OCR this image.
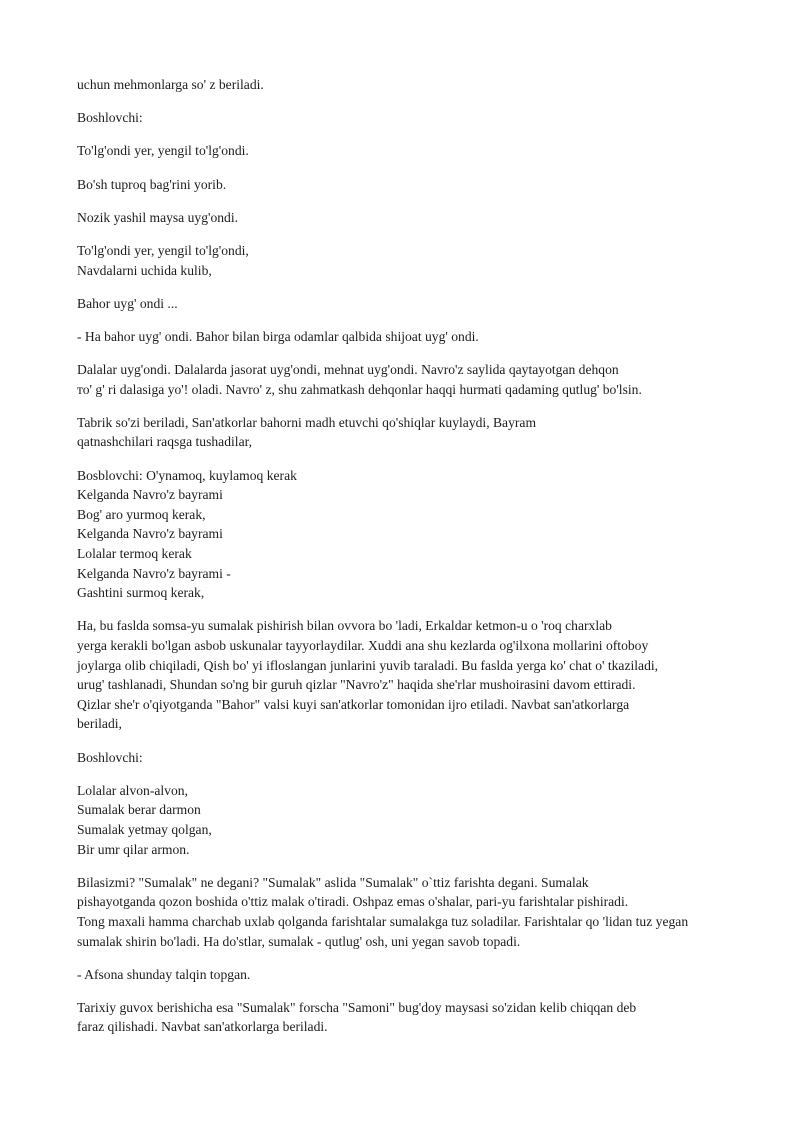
uchun mehmonlarga so' z beriladi.

Boshlovchi:

To'lg'ondi yer, yengil to'lg'ondi.

Bo'sh tuproq bag'rini yorib.

Nozik yashil maysa uyg'ondi.

To'lg'ondi yer, yengil to'lg'ondi,
Navdalarni uchida kulib,

Bahor uyg' ondi ...

- Ha bahor uyg' ondi. Bahor bilan birga odamlar qalbida shijoat uyg' ondi.

Dalalar uyg'ondi. Dalalarda jasorat uyg'ondi, mehnat uyg'ondi. Navro'z saylida qaytayotgan dehqon
то' g' ri dalasiga yo'! oladi. Navro' z, shu zahmatkash dehqonlar haqqi hurmati qadaming qutlug' bo'lsin.

Tabrik so'zi beriladi, San'atkorlar bahorni madh etuvchi qo'shiqlar kuylaydi, Bayram
qatnashchilari raqsga tushadilar,

Bosblovchi: O'ynamoq, kuylamoq kerak
Kelganda Navro'z bayrami
Bog' aro yurmoq kerak,
Kelganda Navro'z bayrami
Lolalar termoq kerak
Kelganda Navro'z bayrami -
Gashtini surmoq kerak,

Ha, bu faslda somsa-yu sumalak pishirish bilan ovvora bo 'ladi, Erkaldar ketmon-u o 'roq charxlab
yerga kerakli bo'lgan asbob uskunalar tayyorlaydilar. Xuddi ana shu kezlarda og'ilxona mollarini oftoboy
joylarga olib chiqiladi, Qish bo' yi ifloslangan junlarini yuvib taraladi. Bu faslda yerga ko' chat o' tkaziladi,
urug' tashlanadi, Shundan so'ng bir guruh qizlar "Navro'z" haqida she'rlar mushoirasini davom ettiradi.
Qizlar she'r o'qiyotganda "Bahor" valsi kuyi san'atkorlar tomonidan ijro etiladi. Navbat san'atkorlarga
beriladi,

Boshlovchi:

Lolalar alvon-alvon,
Sumalak berar darmon
Sumalak yetmay qolgan,
Bir umr qilar armon.

Bilasizmi? "Sumalak" ne degani? "Sumalak" aslida "Sumalak" o`ttiz farishta degani. Sumalak
pishayotganda qozon boshida o'ttiz malak o'tiradi. Oshpaz emas o'shalar, pari-yu farishtalar pishiradi.
Tong maxali hamma charchab uxlab qolganda farishtalar sumalakga tuz soladilar. Farishtalar qo 'lidan tuz yegan
sumalak shirin bo'ladi. Ha do'stlar, sumalak - qutlug' osh, uni yegan savob topadi.

- Afsona shunday talqin topgan.

Tarixiy guvox berishicha esa "Sumalak" forscha "Samoni" bug'doy maysasi so'zidan kelib chiqqan deb
faraz qilishadi. Navbat san'atkorlarga beriladi.
